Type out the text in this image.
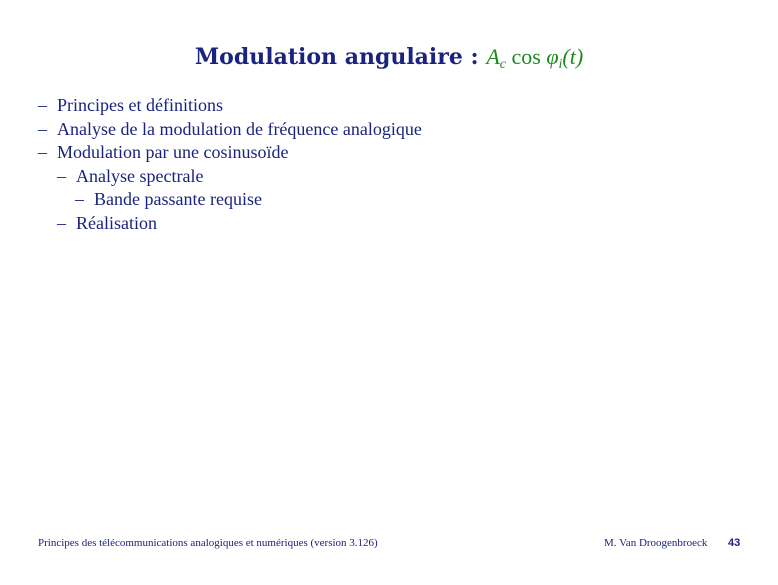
Modulation angulaire : $A_c$ $\cos \varphi_i(t)$
– Principes et définitions
– Analyse de la modulation de fréquence analogique
– Modulation par une cosinusoïde
– Analyse spectrale
– Bande passante requise
– Réalisation
Principes des télécommunications analogiques et numériques (version 3.126)	M. Van Droogenbroeck 43
